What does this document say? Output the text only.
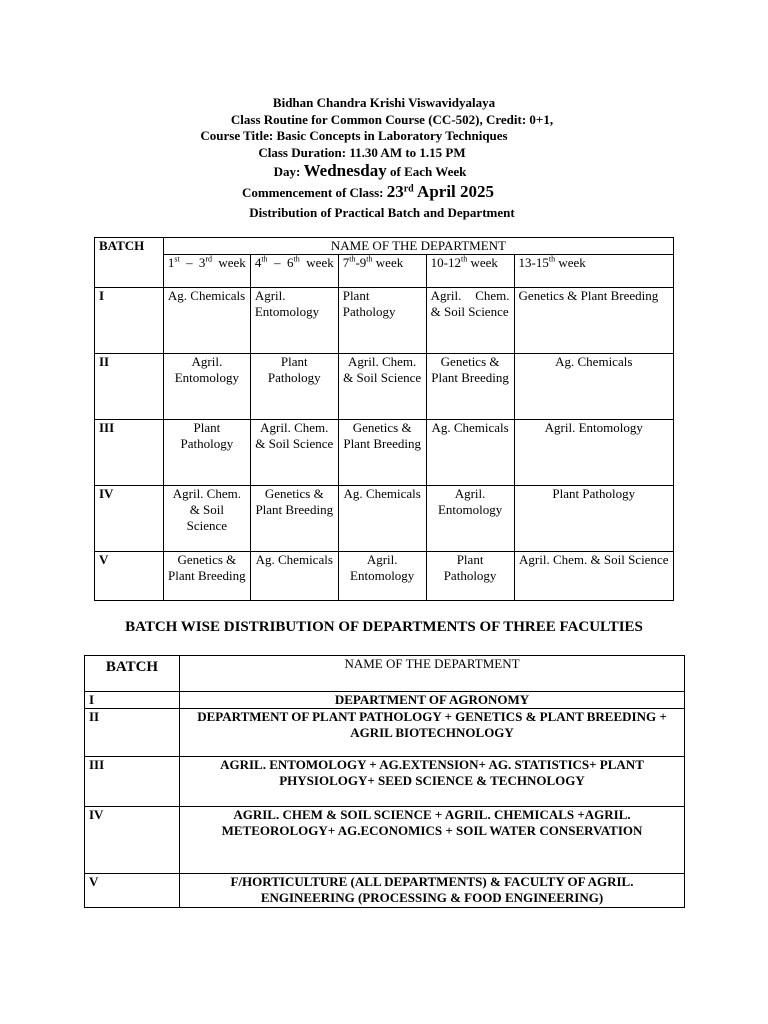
Bidhan Chandra Krishi Viswavidyalaya
Class Routine for Common Course (CC-502), Credit: 0+1,
Course Title: Basic Concepts in Laboratory Techniques
Class Duration: 11.30 AM to 1.15 PM
Day: Wednesday of Each Week
Commencement of Class: 23rd April 2025
Distribution of Practical Batch and Department
BATCH	NAME OF THE DEPARTMENT				
	1st – 3rd week	4th – 6th week	7th-9th week	10-12th week	13-15th week
I	Ag. Chemicals	Agril. Entomology	Plant Pathology	Agril. Chem. & Soil Science	Genetics & Plant Breeding
II	Agril. Entomology	Plant Pathology	Agril. Chem. & Soil Science	Genetics & Plant Breeding	Ag. Chemicals
III	Plant Pathology	Agril. Chem. & Soil Science	Genetics & Plant Breeding	Ag. Chemicals	Agril. Entomology
IV	Agril. Chem. & Soil Science	Genetics & Plant Breeding	Ag. Chemicals	Agril. Entomology	Plant Pathology
V	Genetics & Plant Breeding	Ag. Chemicals	Agril. Entomology	Plant Pathology	Agril. Chem. & Soil Science
BATCH WISE DISTRIBUTION OF DEPARTMENTS OF THREE FACULTIES
BATCH	NAME OF THE DEPARTMENT
I	DEPARTMENT OF AGRONOMY
II	DEPARTMENT OF PLANT PATHOLOGY + GENETICS & PLANT BREEDING + AGRIL BIOTECHNOLOGY
III	AGRIL. ENTOMOLOGY + AG.EXTENSION+ AG. STATISTICS+ PLANT PHYSIOLOGY+ SEED SCIENCE & TECHNOLOGY
IV	AGRIL. CHEM & SOIL SCIENCE + AGRIL. CHEMICALS +AGRIL. METEOROLOGY+ AG.ECONOMICS + SOIL WATER CONSERVATION
V	F/HORTICULTURE (ALL DEPARTMENTS) & FACULTY OF AGRIL. ENGINEERING (PROCESSING & FOOD ENGINEERING)
